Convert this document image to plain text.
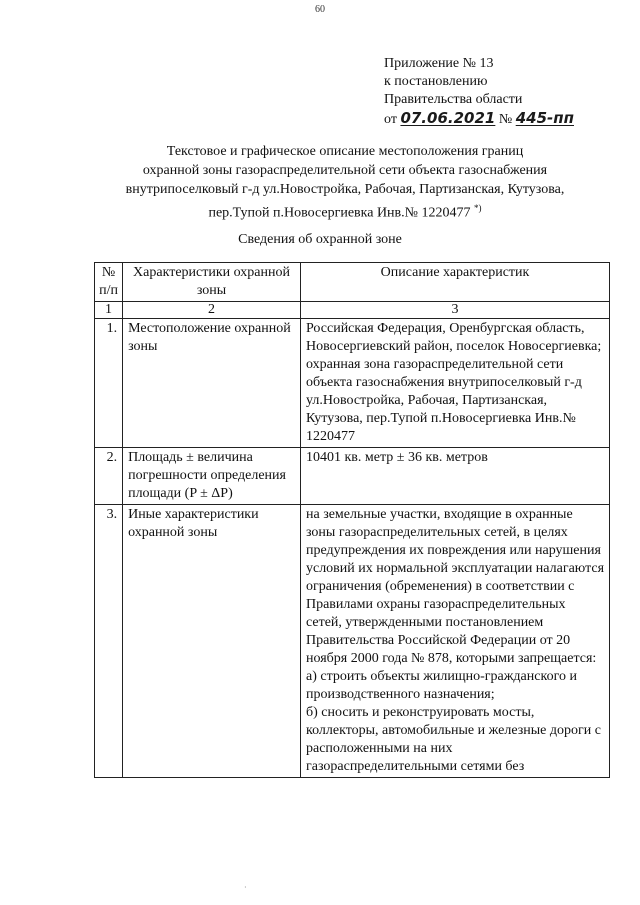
60
Приложение № 13
к постановлению
Правительства области
от 07.06.2021 № 445-пп
Текстовое и графическое описание местоположения границ
охранной зоны газораспределительной сети объекта газоснабжения
внутрипоселковый г-д ул.Новостройка, Рабочая, Партизанская, Кутузова,
пер.Тупой п.Новосергиевка Инв.№ 1220477 *)
Сведения об охранной зоне
№ п/п	Характеристики охранной зоны	Описание характеристик
1	2	3
1.	Местоположение охранной зоны	Российская Федерация, Оренбургская область, Новосергиевский район, поселок Новосергиевка; охранная зона газораспределительной сети объекта газоснабжения внутрипоселковый г-д ул.Новостройка, Рабочая, Партизанская, Кутузова, пер.Тупой п.Новосергиевка Инв.№ 1220477
2.	Площадь ± величина погрешности определения площади (P ± ΔP)	10401 кв. метр ± 36 кв. метров
3.	Иные характеристики охранной зоны	на земельные участки, входящие в охранные зоны газораспределительных сетей, в целях предупреждения их повреждения или нарушения условий их нормальной эксплуатации налагаются ограничения (обременения) в соответствии с Правилами охраны газораспределительных сетей, утвержденными постановлением Правительства Российской Федерации от 20 ноября 2000 года № 878, которыми запрещается:
а) строить объекты жилищно-гражданского и производственного назначения;
б) сносить и реконструировать мосты, коллекторы, автомобильные и железные дороги с расположенными на них газораспределительными сетями без
·
